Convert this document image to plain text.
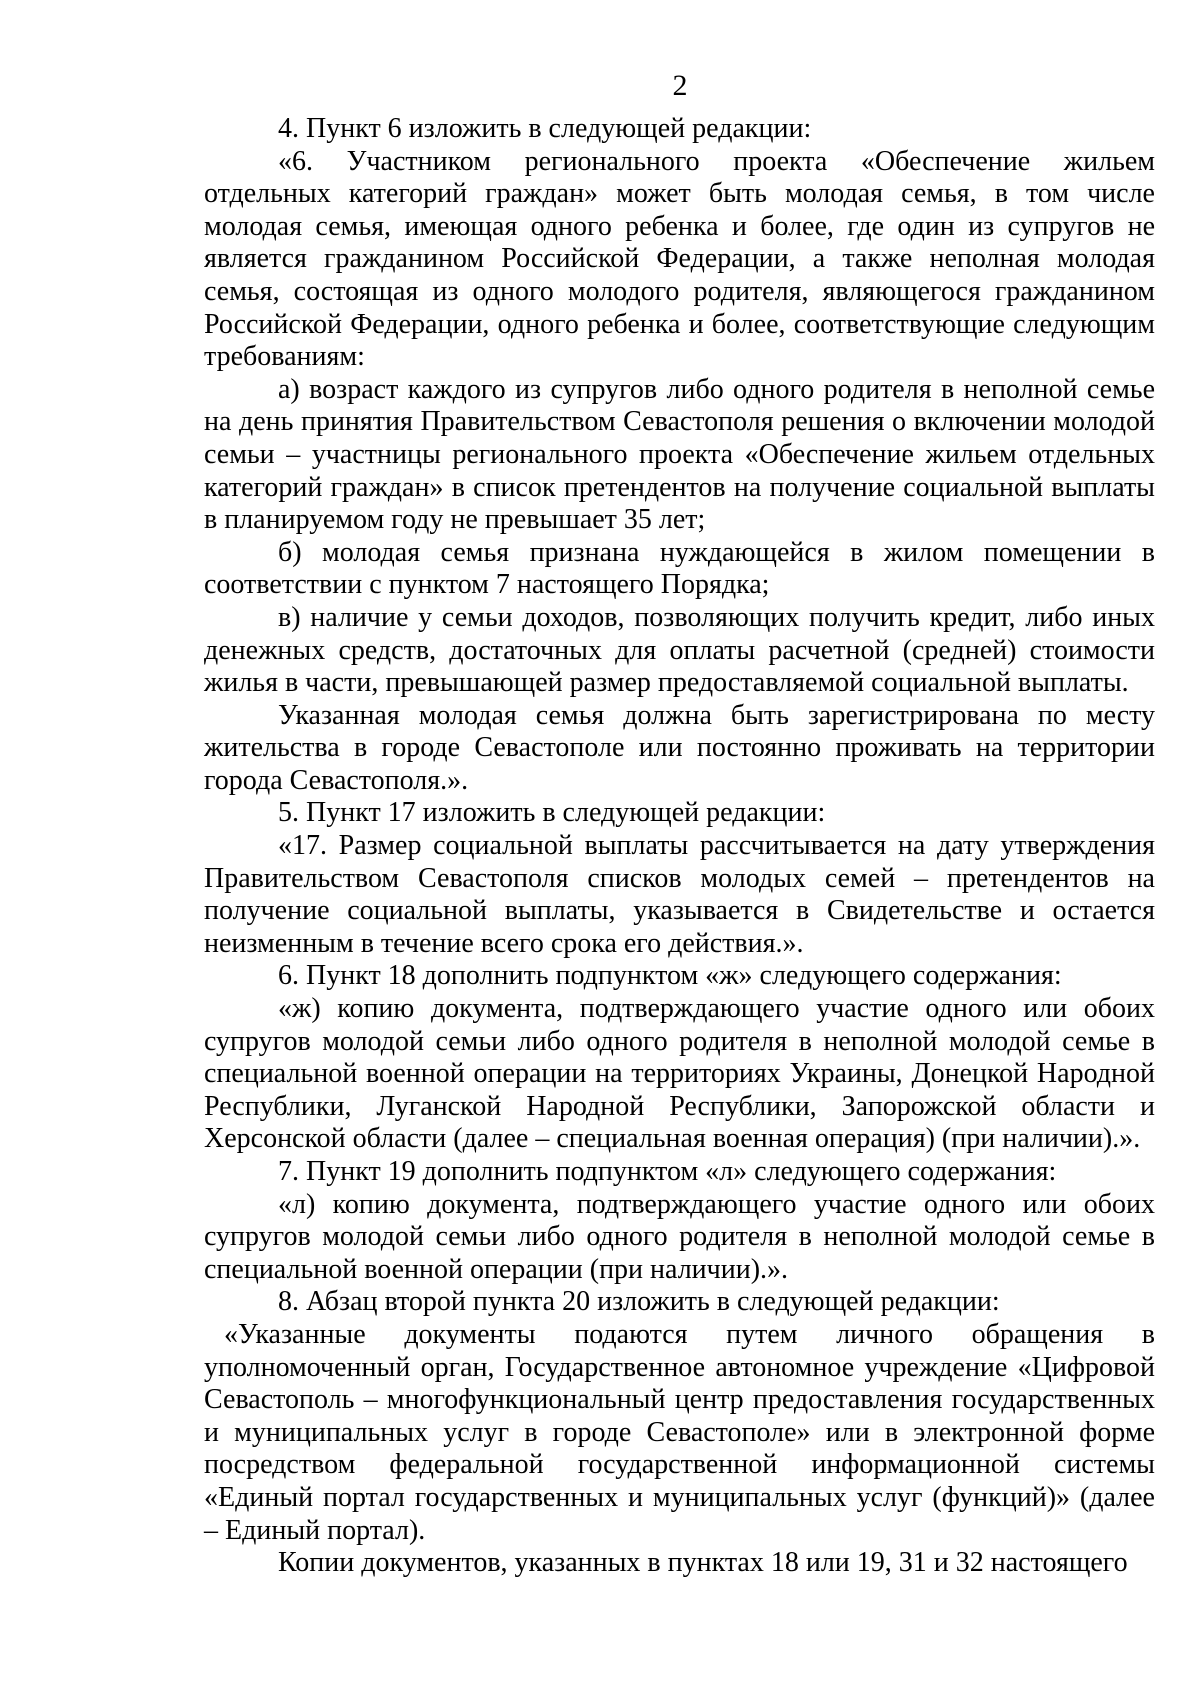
2

4. Пункт 6 изложить в следующей редакции:

«6. Участником регионального проекта «Обеспечение жильем отдельных категорий граждан» может быть молодая семья, в том числе молодая семья, имеющая одного ребенка и более, где один из супругов не является гражданином Российской Федерации, а также неполная молодая семья, состоящая из одного молодого родителя, являющегося гражданином Российской Федерации, одного ребенка и более, соответствующие следующим требованиям:

а) возраст каждого из супругов либо одного родителя в неполной семье на день принятия Правительством Севастополя решения о включении молодой семьи – участницы регионального проекта «Обеспечение жильем отдельных категорий граждан» в список претендентов на получение социальной выплаты в планируемом году не превышает 35 лет;

б) молодая семья признана нуждающейся в жилом помещении в соответствии с пунктом 7 настоящего Порядка;

в) наличие у семьи доходов, позволяющих получить кредит, либо иных денежных средств, достаточных для оплаты расчетной (средней) стоимости жилья в части, превышающей размер предоставляемой социальной выплаты.

Указанная молодая семья должна быть зарегистрирована по месту жительства в городе Севастополе или постоянно проживать на территории города Севастополя.».

5. Пункт 17 изложить в следующей редакции:

«17. Размер социальной выплаты рассчитывается на дату утверждения Правительством Севастополя списков молодых семей – претендентов на получение социальной выплаты, указывается в Свидетельстве и остается неизменным в течение всего срока его действия.».

6. Пункт 18 дополнить подпунктом «ж» следующего содержания:

«ж) копию документа, подтверждающего участие одного или обоих супругов молодой семьи либо одного родителя в неполной молодой семье в специальной военной операции на территориях Украины, Донецкой Народной Республики, Луганской Народной Республики, Запорожской области и Херсонской области (далее – специальная военная операция) (при наличии).».

7. Пункт 19 дополнить подпунктом «л» следующего содержания:

«л) копию документа, подтверждающего участие одного или обоих супругов молодой семьи либо одного родителя в неполной молодой семье в специальной военной операции (при наличии).».

8. Абзац второй пункта 20 изложить в следующей редакции:

«Указанные документы подаются путем личного обращения в уполномоченный орган, Государственное автономное учреждение «Цифровой Севастополь – многофункциональный центр предоставления государственных и муниципальных услуг в городе Севастополе» или в электронной форме посредством федеральной государственной информационной системы «Единый портал государственных и муниципальных услуг (функций)» (далее – Единый портал).

Копии документов, указанных в пунктах 18 или 19, 31 и 32 настоящего
